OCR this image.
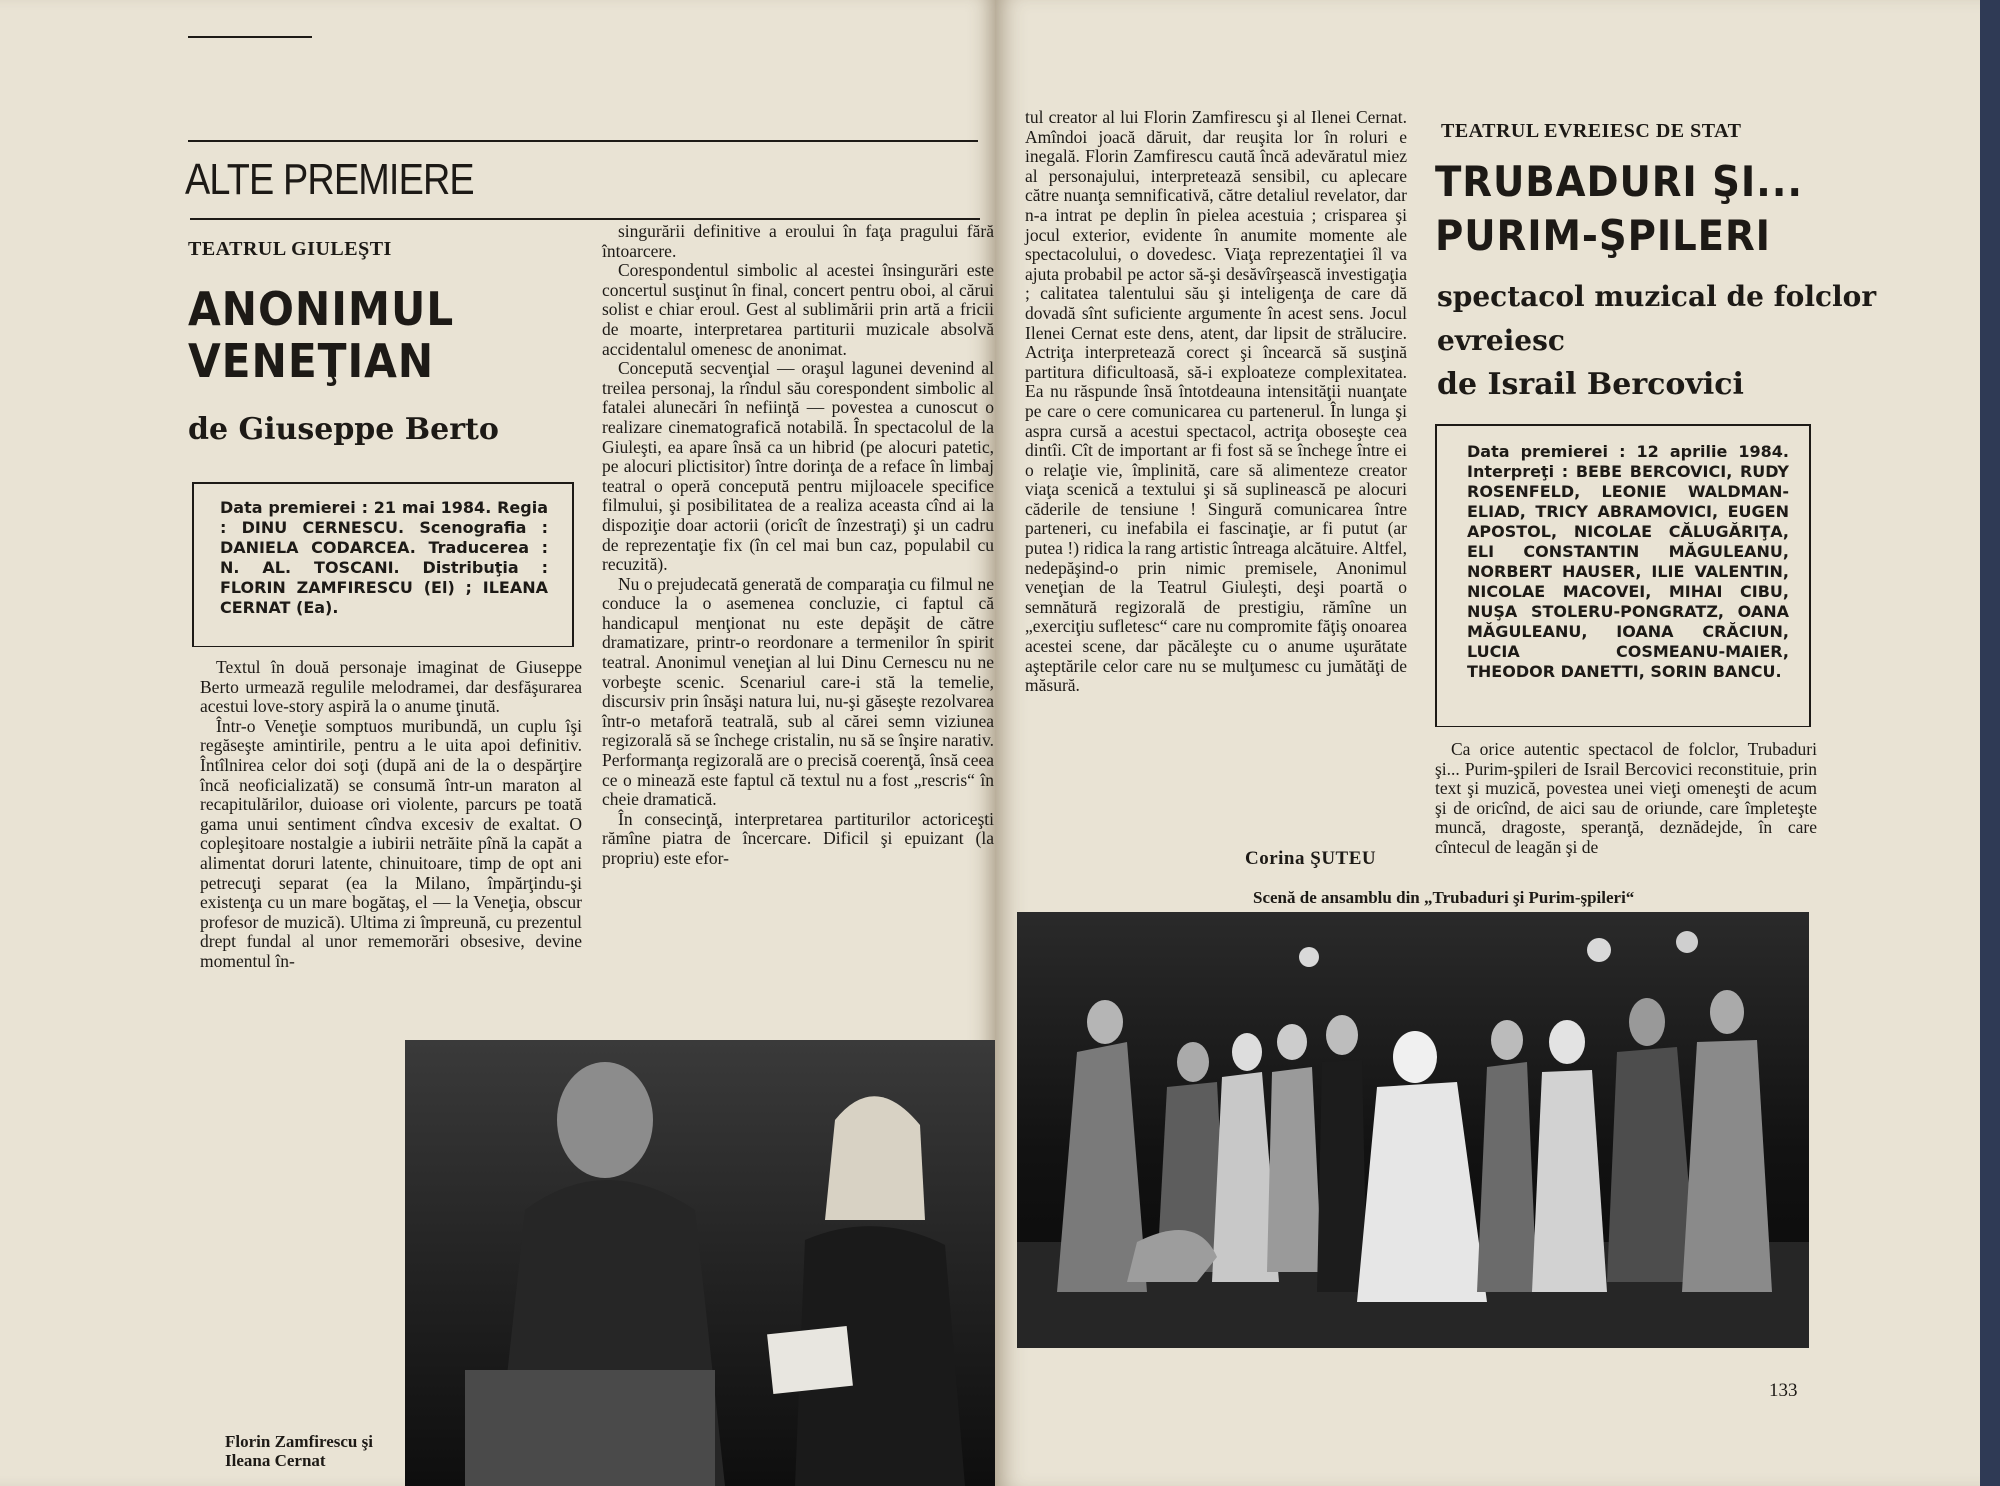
ALTE PREMIERE
TEATRUL GIULEŞTI
ANONIMUL
VENEŢIAN
de Giuseppe Berto
Data premierei : 21 mai 1984. Regia : DINU CERNESCU. Scenografia : DANIELA CODARCEA. Traducerea : N. AL. TOSCANI. Distribuţia : FLORIN ZAMFIRESCU (El) ; ILEANA CERNAT (Ea).

Textul în două personaje imaginat de Giuseppe Berto urmează regulile melodramei, dar desfăşurarea acestui love-story aspiră la o anume ţinută.

Într-o Veneţie somptuos muribundă, un cuplu îşi regăseşte amintirile, pentru a le uita apoi definitiv. Întîlnirea celor doi soţi (după ani de la o despărţire încă neoficializată) se consumă într-un maraton al recapitulărilor, duioase ori violente, parcurs pe toată gama unui sentiment cîndva excesiv de exaltat. O copleşitoare nostalgie a iubirii netrăite pînă la capăt a alimentat doruri latente, chinuitoare, timp de opt ani petrecuţi separat (ea la Milano, împărţindu-şi existenţa cu un mare bogătaş, el — la Veneţia, obscur profesor de muzică). Ultima zi împreună, cu prezentul drept fundal al unor rememorări obsesive, devine momentul în-

singurării definitive a eroului în faţa pragului fără întoarcere.

Corespondentul simbolic al acestei însingurări este concertul susţinut în final, concert pentru oboi, al cărui solist e chiar eroul. Gest al sublimării prin artă a fricii de moarte, interpretarea partiturii muzicale absolvă accidentalul omenesc de anonimat.

Concepută secvenţial — oraşul lagunei devenind al treilea personaj, la rîndul său corespondent simbolic al fatalei alunecări în nefiinţă — povestea a cunoscut o realizare cinematografică notabilă. În spectacolul de la Giuleşti, ea apare însă ca un hibrid (pe alocuri patetic, pe alocuri plictisitor) între dorinţa de a reface în limbaj teatral o operă concepută pentru mijloacele specifice filmului, şi posibilitatea de a realiza aceasta cînd ai la dispoziţie doar actorii (oricît de înzestraţi) şi un cadru de reprezentaţie fix (în cel mai bun caz, populabil cu recuzită).

Nu o prejudecată generată de comparaţia cu filmul ne conduce la o asemenea concluzie, ci faptul că handicapul menţionat nu este depăşit de către dramatizare, printr-o reordonare a termenilor în spirit teatral. Anonimul veneţian al lui Dinu Cernescu nu ne vorbeşte scenic. Scenariul care-i stă la temelie, discursiv prin însăşi natura lui, nu-şi găseşte rezolvarea într-o metaforă teatrală, sub al cărei semn viziunea regizorală să se închege cristalin, nu să se înşire narativ. Performanţa regizorală are o precisă coerenţă, însă ceea ce o minează este faptul că textul nu a fost „rescris“ în cheie dramatică.

În consecinţă, interpretarea partiturilor actoriceşti rămîne piatra de încercare. Dificil şi epuizant (la propriu) este efor-

Florin Zamfirescu şi Ileana Cernat

tul creator al lui Florin Zamfirescu şi al Ilenei Cernat. Amîndoi joacă dăruit, dar reuşita lor în roluri e inegală. Florin Zamfirescu caută încă adevăratul miez al personajului, interpretează sensibil, cu aplecare către nuanţa semnificativă, către detaliul revelator, dar n-a intrat pe deplin în pielea acestuia ; crisparea şi jocul exterior, evidente în anumite momente ale spectacolului, o dovedesc. Viaţa reprezentaţiei îl va ajuta probabil pe actor să-şi desăvîrşească investigaţia ; calitatea talentului său şi inteligenţa de care dă dovadă sînt suficiente argumente în acest sens. Jocul Ilenei Cernat este dens, atent, dar lipsit de strălucire. Actriţa interpretează corect şi încearcă să susţină partitura dificultoasă, să-i exploateze complexitatea. Ea nu răspunde însă întotdeauna intensităţii nuanţate pe care o cere comunicarea cu partenerul. În lunga şi aspra cursă a acestui spectacol, actriţa oboseşte cea dintîi. Cît de important ar fi fost să se închege între ei o relaţie vie, împlinită, care să alimenteze creator viaţa scenică a textului şi să suplinească pe alocuri căderile de tensiune ! Singură comunicarea între parteneri, cu inefabila ei fascinaţie, ar fi putut (ar putea !) ridica la rang artistic întreaga alcătuire. Altfel, nedepăşind-o prin nimic premisele, Anonimul veneţian de la Teatrul Giuleşti, deşi poartă o semnătură regizorală de prestigiu, rămîne un „exerciţiu sufletesc“ care nu compromite făţiş onoarea acestei scene, dar păcăleşte cu o anume uşurătate aşteptările celor care nu se mulţumesc cu jumătăţi de măsură.

Corina ŞUTEU
TEATRUL EVREIESC DE STAT
TRUBADURI ŞI...
PURIM-ŞPILERI
spectacol muzical de folclor
evreiesc
de Israil Bercovici
Data premierei : 12 aprilie 1984. Interpreţi : BEBE BERCOVICI, RUDY ROSENFELD, LEONIE WALDMAN-ELIAD, TRICY ABRAMOVICI, EUGEN APOSTOL, NICOLAE CĂLUGĂRIŢA, ELI CONSTANTIN MĂGULEANU, NORBERT HAUSER, ILIE VALENTIN, NICOLAE MACOVEI, MIHAI CIBU, NUŞA STOLERU-PONGRATZ, OANA MĂGULEANU, IOANA CRĂCIUN, LUCIA COSMEANU-MAIER, THEODOR DANETTI, SORIN BANCU.

Ca orice autentic spectacol de folclor, Trubaduri şi... Purim-şpileri de Israil Bercovici reconstituie, prin text şi muzică, povestea unei vieţi omeneşti de acum şi de oricînd, de aici sau de oriunde, care împleteşte muncă, dragoste, speranţă, deznădejde, în care cîntecul de leagăn şi de

Scenă de ansamblu din „Trubaduri şi Purim-şpileri“
133
